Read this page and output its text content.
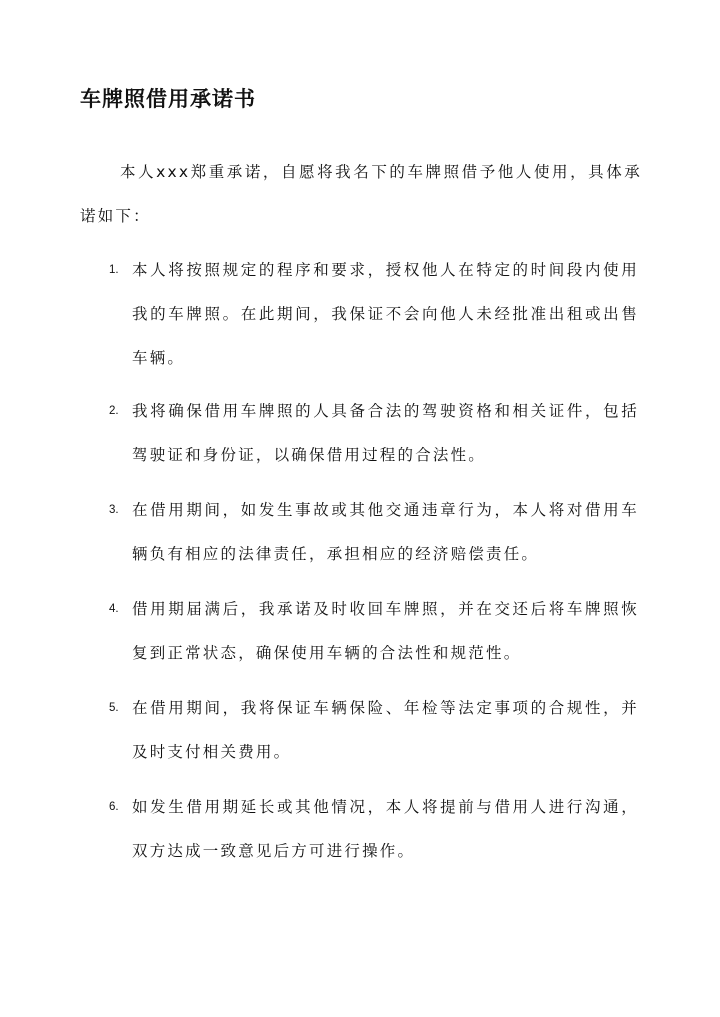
车牌照借用承诺书

本人xxx郑重承诺，自愿将我名下的车牌照借予他人使用，具体承诺如下：

1. 本人将按照规定的程序和要求，授权他人在特定的时间段内使用我的车牌照。在此期间，我保证不会向他人未经批准出租或出售车辆。

2. 我将确保借用车牌照的人具备合法的驾驶资格和相关证件，包括驾驶证和身份证，以确保借用过程的合法性。

3. 在借用期间，如发生事故或其他交通违章行为，本人将对借用车辆负有相应的法律责任，承担相应的经济赔偿责任。

4. 借用期届满后，我承诺及时收回车牌照，并在交还后将车牌照恢复到正常状态，确保使用车辆的合法性和规范性。

5. 在借用期间，我将保证车辆保险、年检等法定事项的合规性，并及时支付相关费用。

6. 如发生借用期延长或其他情况，本人将提前与借用人进行沟通，双方达成一致意见后方可进行操作。
